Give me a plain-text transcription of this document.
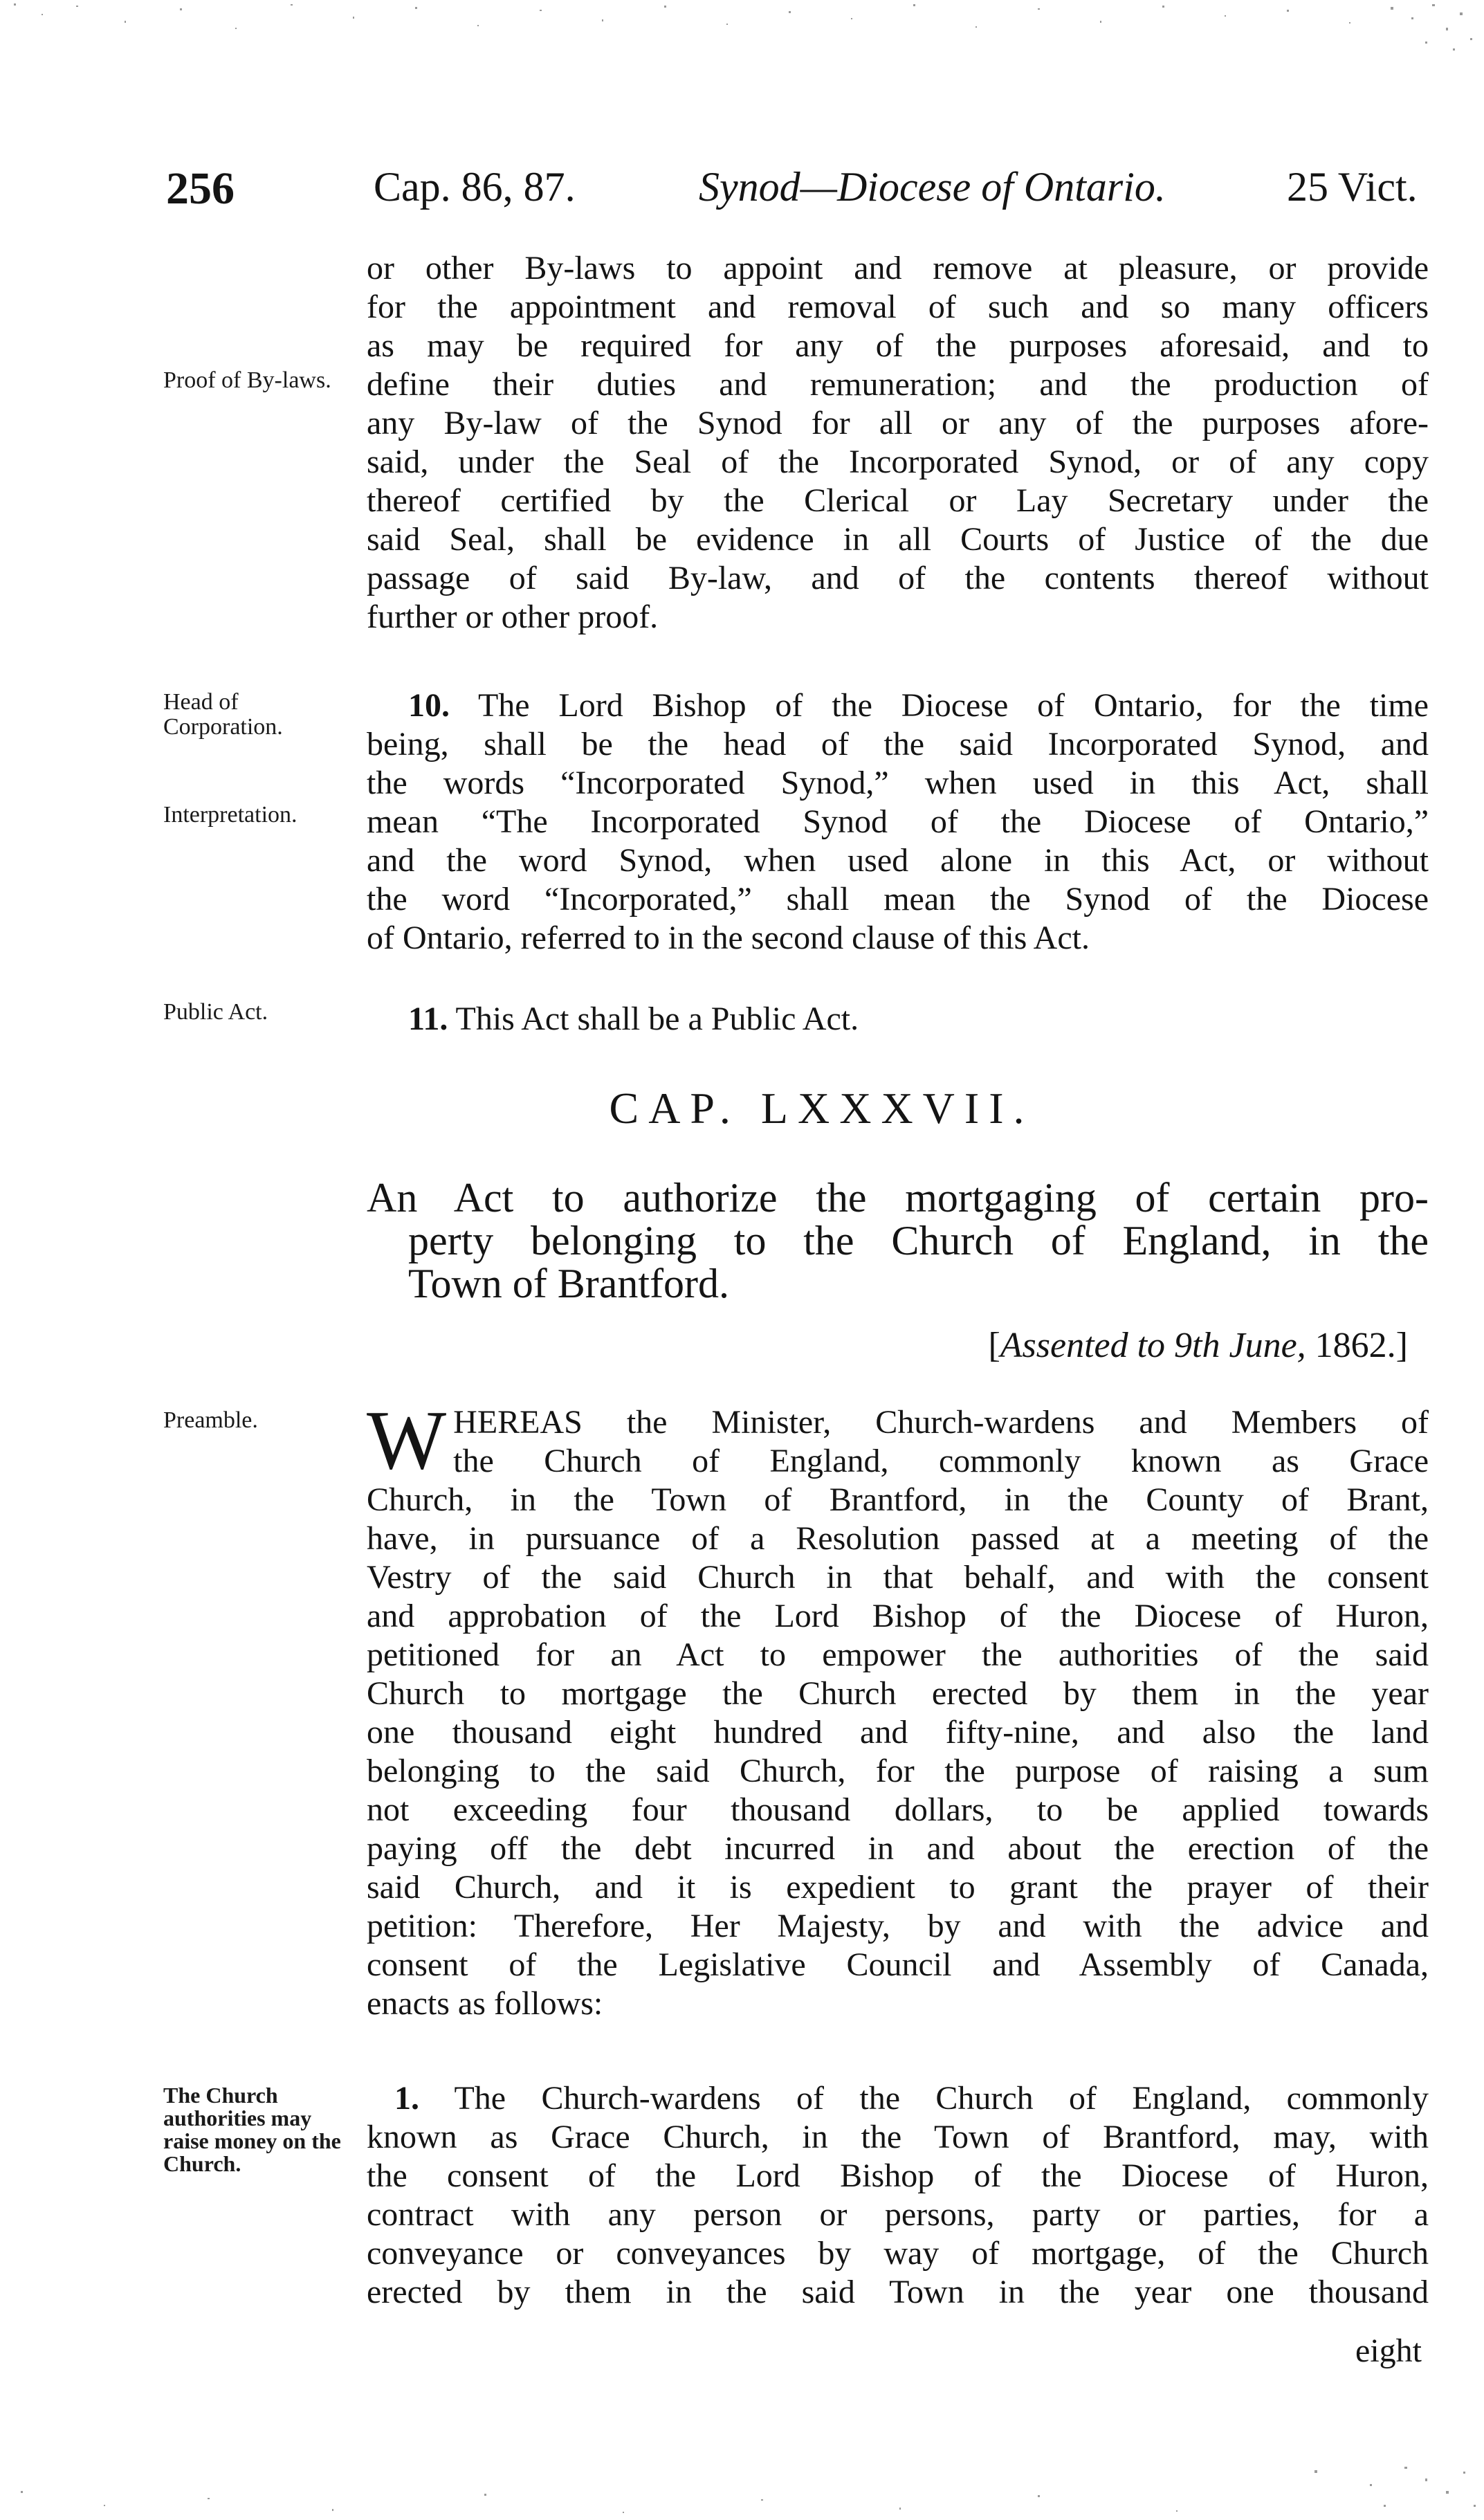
256	Cap. 86, 87.	Synod—Diocese of Ontario.	25 Vict.
Proof of By-laws.
Head of Corporation.
Interpretation.
Public Act.
Preamble.
The Church authorities may raise money on the Church.
or other By-laws to appoint and remove at pleasure, or provide
for the appointment and removal of such and so many officers
as may be required for any of the purposes aforesaid, and to
define their duties and remuneration; and the production of
any By-law of the Synod for all or any of the purposes afore-
said, under the Seal of the Incorporated Synod, or of any copy
thereof certified by the Clerical or Lay Secretary under the
said Seal, shall be evidence in all Courts of Justice of the due
passage of said By-law, and of the contents thereof without
further or other proof.
10. The Lord Bishop of the Diocese of Ontario, for the time
being, shall be the head of the said Incorporated Synod, and
the words “Incorporated Synod,” when used in this Act, shall
mean “The Incorporated Synod of the Diocese of Ontario,”
and the word Synod, when used alone in this Act, or without
the word “Incorporated,” shall mean the Synod of the Diocese
of Ontario, referred to in the second clause of this Act.
11. This Act shall be a Public Act.
CAP. LXXXVII.
An Act to authorize the mortgaging of certain pro-
perty belonging to the Church of England, in the
Town of Brantford.
[Assented to 9th June, 1862.]
W HEREAS the Minister, Church-wardens and Members of
the Church of England, commonly known as Grace
Church, in the Town of Brantford, in the County of Brant,
have, in pursuance of a Resolution passed at a meeting of the
Vestry of the said Church in that behalf, and with the consent
and approbation of the Lord Bishop of the Diocese of Huron,
petitioned for an Act to empower the authorities of the said
Church to mortgage the Church erected by them in the year
one thousand eight hundred and fifty-nine, and also the land
belonging to the said Church, for the purpose of raising a sum
not exceeding four thousand dollars, to be applied towards
paying off the debt incurred in and about the erection of the
said Church, and it is expedient to grant the prayer of their
petition: Therefore, Her Majesty, by and with the advice and
consent of the Legislative Council and Assembly of Canada,
enacts as follows:
1. The Church-wardens of the Church of England, commonly
known as Grace Church, in the Town of Brantford, may, with
the consent of the Lord Bishop of the Diocese of Huron,
contract with any person or persons, party or parties, for a
conveyance or conveyances by way of mortgage, of the Church
erected by them in the said Town in the year one thousand
eight
